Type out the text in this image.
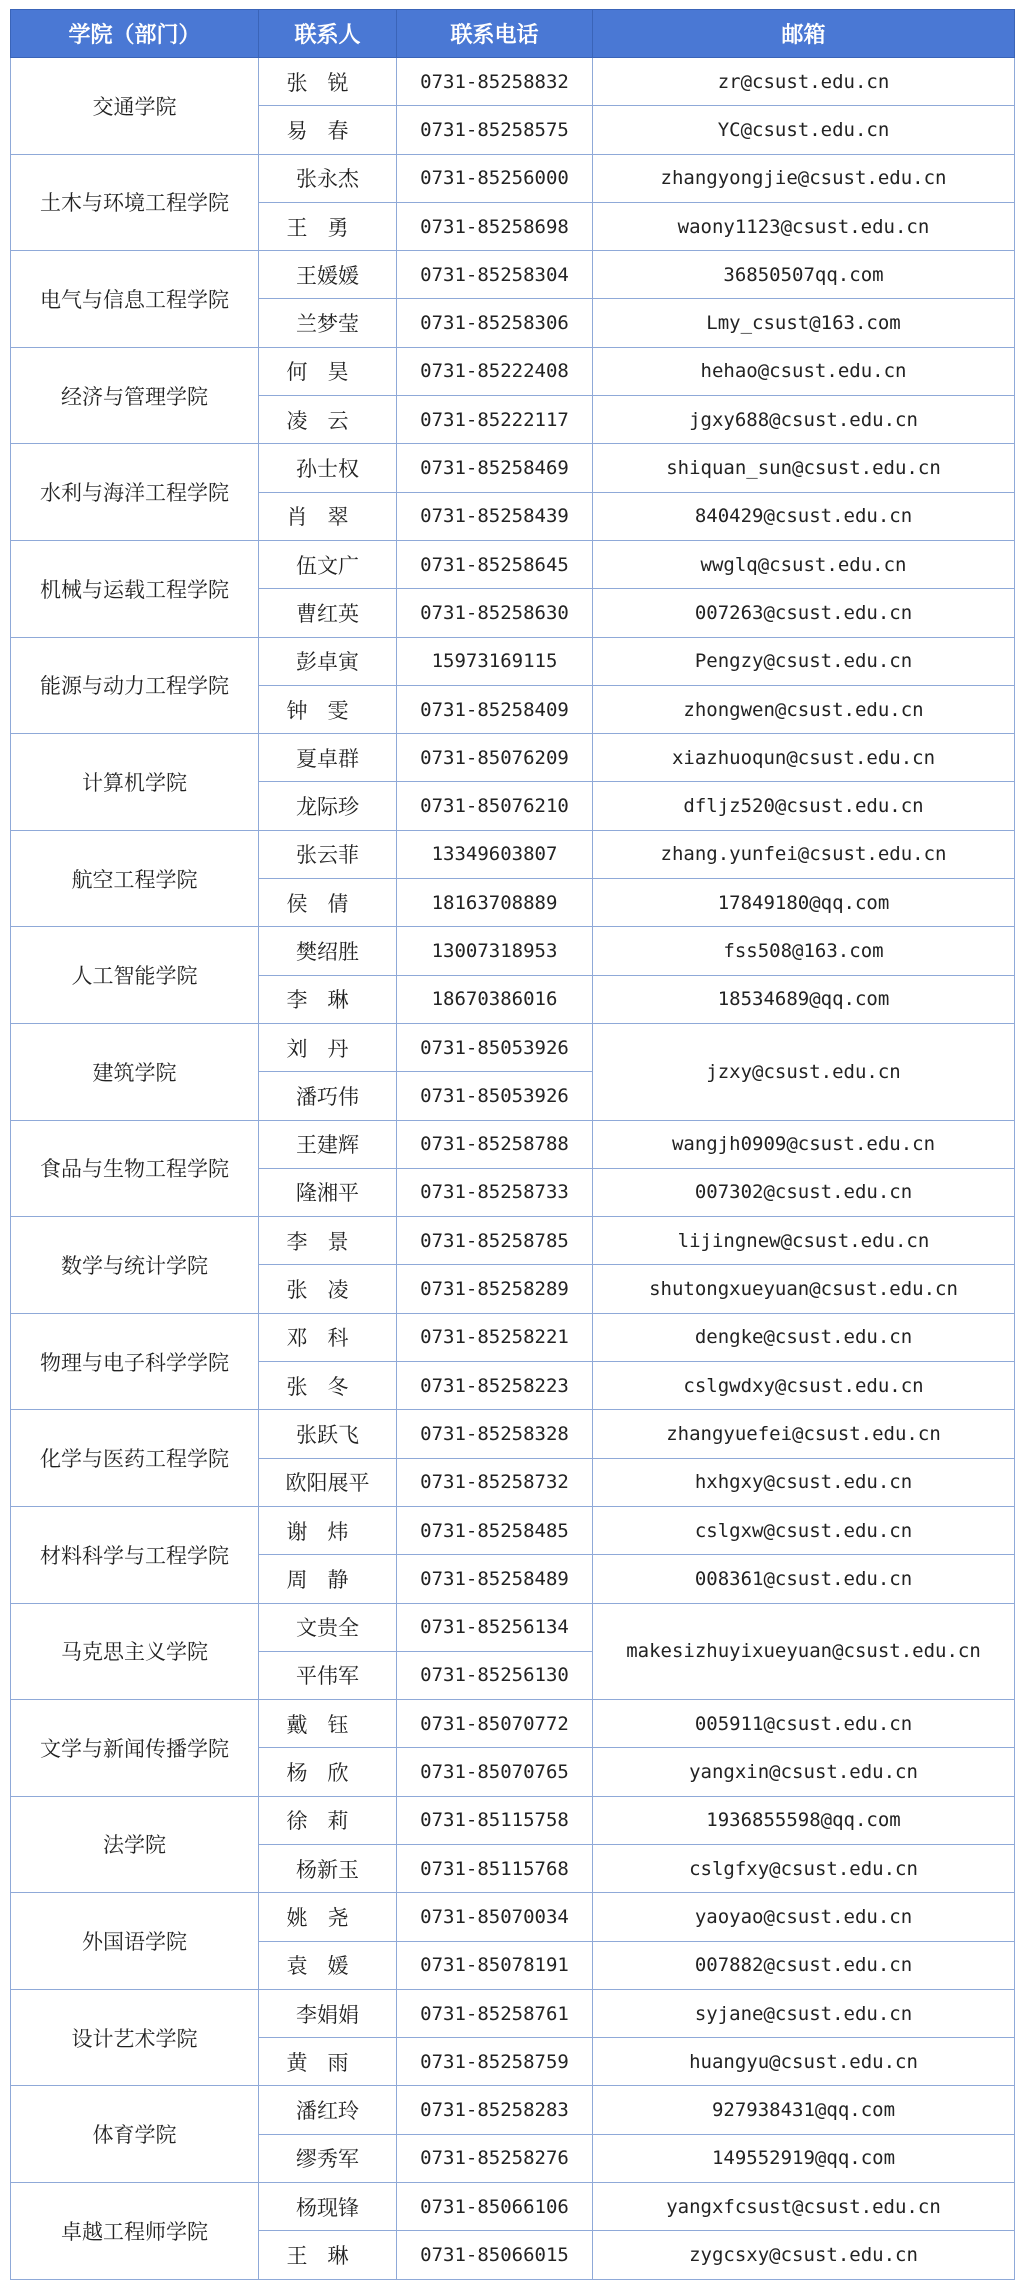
学院（部门）	联系人	联系电话	邮箱
交通学院	张锐	0731-85258832	zr@csust.edu.cn
	易春	0731-85258575	YC@csust.edu.cn
土木与环境工程学院	张永杰	0731-85256000	zhangyongjie@csust.edu.cn
	王勇	0731-85258698	waony1123@csust.edu.cn
电气与信息工程学院	王媛媛	0731-85258304	36850507qq.com
	兰梦莹	0731-85258306	Lmy_csust@163.com
经济与管理学院	何昊	0731-85222408	hehao@csust.edu.cn
	凌云	0731-85222117	jgxy688@csust.edu.cn
水利与海洋工程学院	孙士权	0731-85258469	shiquan_sun@csust.edu.cn
	肖翠	0731-85258439	840429@csust.edu.cn
机械与运载工程学院	伍文广	0731-85258645	wwglq@csust.edu.cn
	曹红英	0731-85258630	007263@csust.edu.cn
能源与动力工程学院	彭卓寅	15973169115	Pengzy@csust.edu.cn
	钟雯	0731-85258409	zhongwen@csust.edu.cn
计算机学院	夏卓群	0731-85076209	xiazhuoqun@csust.edu.cn
	龙际珍	0731-85076210	dfljz520@csust.edu.cn
航空工程学院	张云菲	13349603807	zhang.yunfei@csust.edu.cn
	侯倩	18163708889	17849180@qq.com
人工智能学院	樊绍胜	13007318953	fss508@163.com
	李琳	18670386016	18534689@qq.com
建筑学院	刘丹	0731-85053926	jzxy@csust.edu.cn
	潘巧伟	0731-85053926	
食品与生物工程学院	王建辉	0731-85258788	wangjh0909@csust.edu.cn
	隆湘平	0731-85258733	007302@csust.edu.cn
数学与统计学院	李景	0731-85258785	lijingnew@csust.edu.cn
	张凌	0731-85258289	shutongxueyuan@csust.edu.cn
物理与电子科学学院	邓科	0731-85258221	dengke@csust.edu.cn
	张冬	0731-85258223	cslgwdxy@csust.edu.cn
化学与医药工程学院	张跃飞	0731-85258328	zhangyuefei@csust.edu.cn
	欧阳展平	0731-85258732	hxhgxy@csust.edu.cn
材料科学与工程学院	谢炜	0731-85258485	cslgxw@csust.edu.cn
	周静	0731-85258489	008361@csust.edu.cn
马克思主义学院	文贵全	0731-85256134	makesizhuyixueyuan@csust.edu.cn
	平伟军	0731-85256130	
文学与新闻传播学院	戴钰	0731-85070772	005911@csust.edu.cn
	杨欣	0731-85070765	yangxin@csust.edu.cn
法学院	徐莉	0731-85115758	1936855598@qq.com
	杨新玉	0731-85115768	cslgfxy@csust.edu.cn
外国语学院	姚尧	0731-85070034	yaoyao@csust.edu.cn
	袁媛	0731-85078191	007882@csust.edu.cn
设计艺术学院	李娟娟	0731-85258761	syjane@csust.edu.cn
	黄雨	0731-85258759	huangyu@csust.edu.cn
体育学院	潘红玲	0731-85258283	927938431@qq.com
	缪秀军	0731-85258276	149552919@qq.com
卓越工程师学院	杨现锋	0731-85066106	yangxfcsust@csust.edu.cn
	王琳	0731-85066015	zygcsxy@csust.edu.cn
